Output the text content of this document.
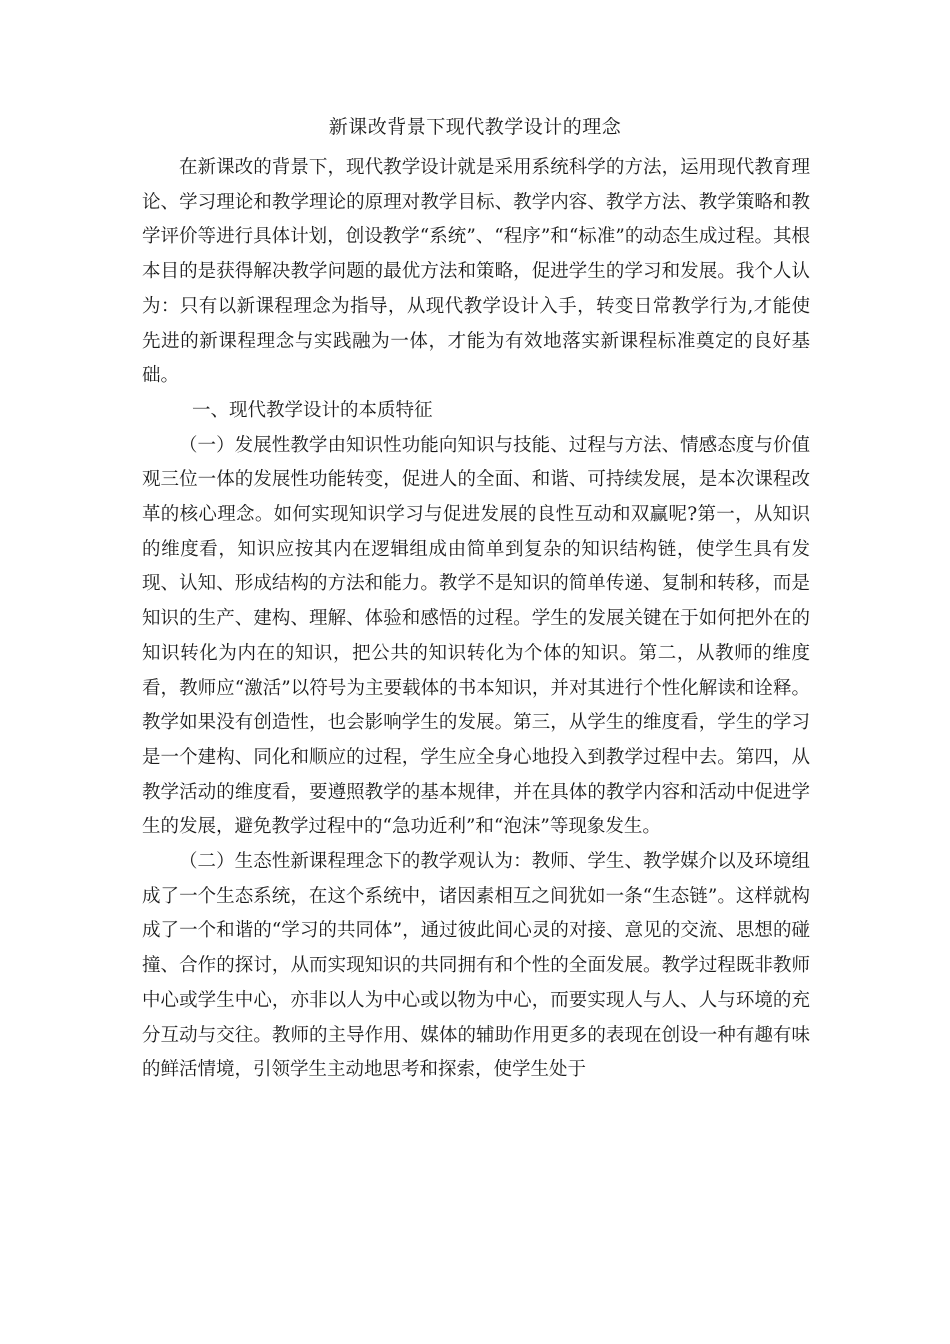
新课改背景下现代教学设计的理念

在新课改的背景下，现代教学设计就是采用系统科学的方法，运用现代教育理论、学习理论和教学理论的原理对教学目标、教学内容、教学方法、教学策略和教学评价等进行具体计划，创设教学“系统”、“程序”和“标准”的动态生成过程。其根本目的是获得解决教学问题的最优方法和策略，促进学生的学习和发展。我个人认为：只有以新课程理念为指导，从现代教学设计入手，转变日常教学行为,才能使先进的新课程理念与实践融为一体，才能为有效地落实新课程标准奠定的良好基础。

一、现代教学设计的本质特征

（一）发展性教学由知识性功能向知识与技能、过程与方法、情感态度与价值观三位一体的发展性功能转变，促进人的全面、和谐、可持续发展，是本次课程改革的核心理念。如何实现知识学习与促进发展的良性互动和双赢呢?第一，从知识的维度看，知识应按其内在逻辑组成由简单到复杂的知识结构链，使学生具有发现、认知、形成结构的方法和能力。教学不是知识的简单传递、复制和转移，而是知识的生产、建构、理解、体验和感悟的过程。学生的发展关键在于如何把外在的知识转化为内在的知识，把公共的知识转化为个体的知识。第二，从教师的维度看，教师应“激活”以符号为主要载体的书本知识，并对其进行个性化解读和诠释。教学如果没有创造性，也会影响学生的发展。第三，从学生的维度看，学生的学习是一个建构、同化和顺应的过程，学生应全身心地投入到教学过程中去。第四，从教学活动的维度看，要遵照教学的基本规律，并在具体的教学内容和活动中促进学生的发展，避免教学过程中的“急功近利”和“泡沫”等现象发生。

（二）生态性新课程理念下的教学观认为：教师、学生、教学媒介以及环境组成了一个生态系统，在这个系统中，诸因素相互之间犹如一条“生态链”。这样就构成了一个和谐的“学习的共同体”，通过彼此间心灵的对接、意见的交流、思想的碰撞、合作的探讨，从而实现知识的共同拥有和个性的全面发展。教学过程既非教师中心或学生中心，亦非以人为中心或以物为中心，而要实现人与人、人与环境的充分互动与交往。教师的主导作用、媒体的辅助作用更多的表现在创设一种有趣有味的鲜活情境，引领学生主动地思考和探索，使学生处于
